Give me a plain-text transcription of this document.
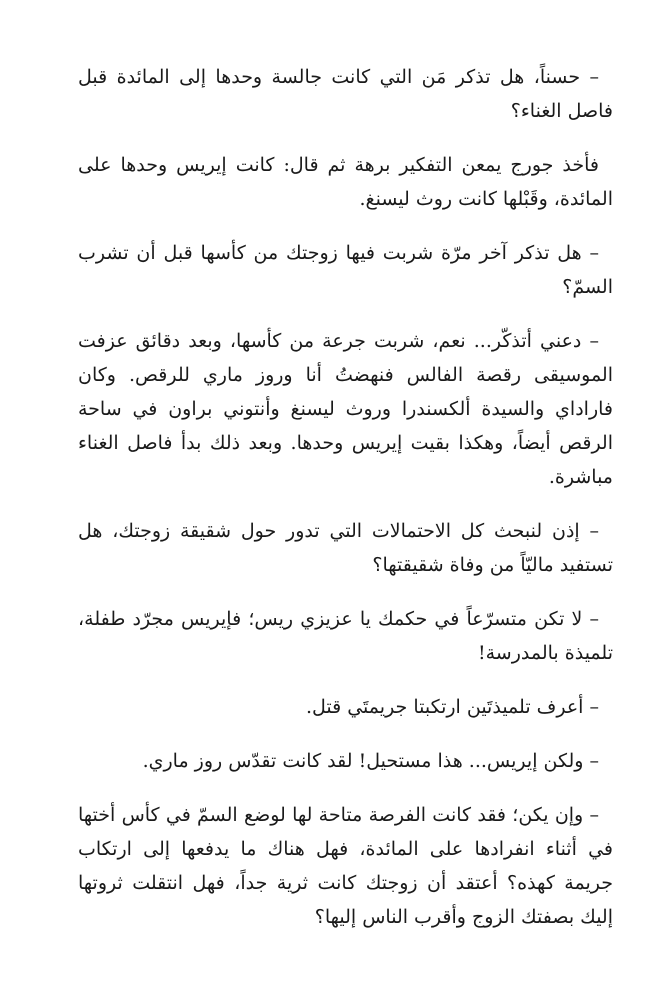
– حسناً، هل تذكر مَن التي كانت جالسة وحدها إلى المائدة قبل فاصل الغناء؟

فأخذ جورج يمعن التفكير برهة ثم قال: كانت إيريس وحدها على المائدة، وقَبْلها كانت روث ليسنغ.

– هل تذكر آخر مرّة شربت فيها زوجتك من كأسها قبل أن تشرب السمّ؟

– دعني أتذكّر... نعم، شربت جرعة من كأسها، وبعد دقائق عزفت الموسيقى رقصة الفالس فنهضتُ أنا وروز ماري للرقص. وكان فاراداي والسيدة ألكسندرا وروث ليسنغ وأنتوني براون في ساحة الرقص أيضاً، وهكذا بقيت إيريس وحدها. وبعد ذلك بدأ فاصل الغناء مباشرة.

– إذن لنبحث كل الاحتمالات التي تدور حول شقيقة زوجتك، هل تستفيد ماليّاً من وفاة شقيقتها؟

– لا تكن متسرّعاً في حكمك يا عزيزي ريس؛ فإيريس مجرّد طفلة، تلميذة بالمدرسة!

– أعرف تلميذتَين ارتكبتا جريمتَي قتل.

– ولكن إيريس... هذا مستحيل! لقد كانت تقدّس روز ماري.

– وإن يكن؛ فقد كانت الفرصة متاحة لها لوضع السمّ في كأس أختها في أثناء انفرادها على المائدة، فهل هناك ما يدفعها إلى ارتكاب جريمة كهذه؟ أعتقد أن زوجتك كانت ثرية جداً، فهل انتقلت ثروتها إليك بصفتك الزوج وأقرب الناس إليها؟
